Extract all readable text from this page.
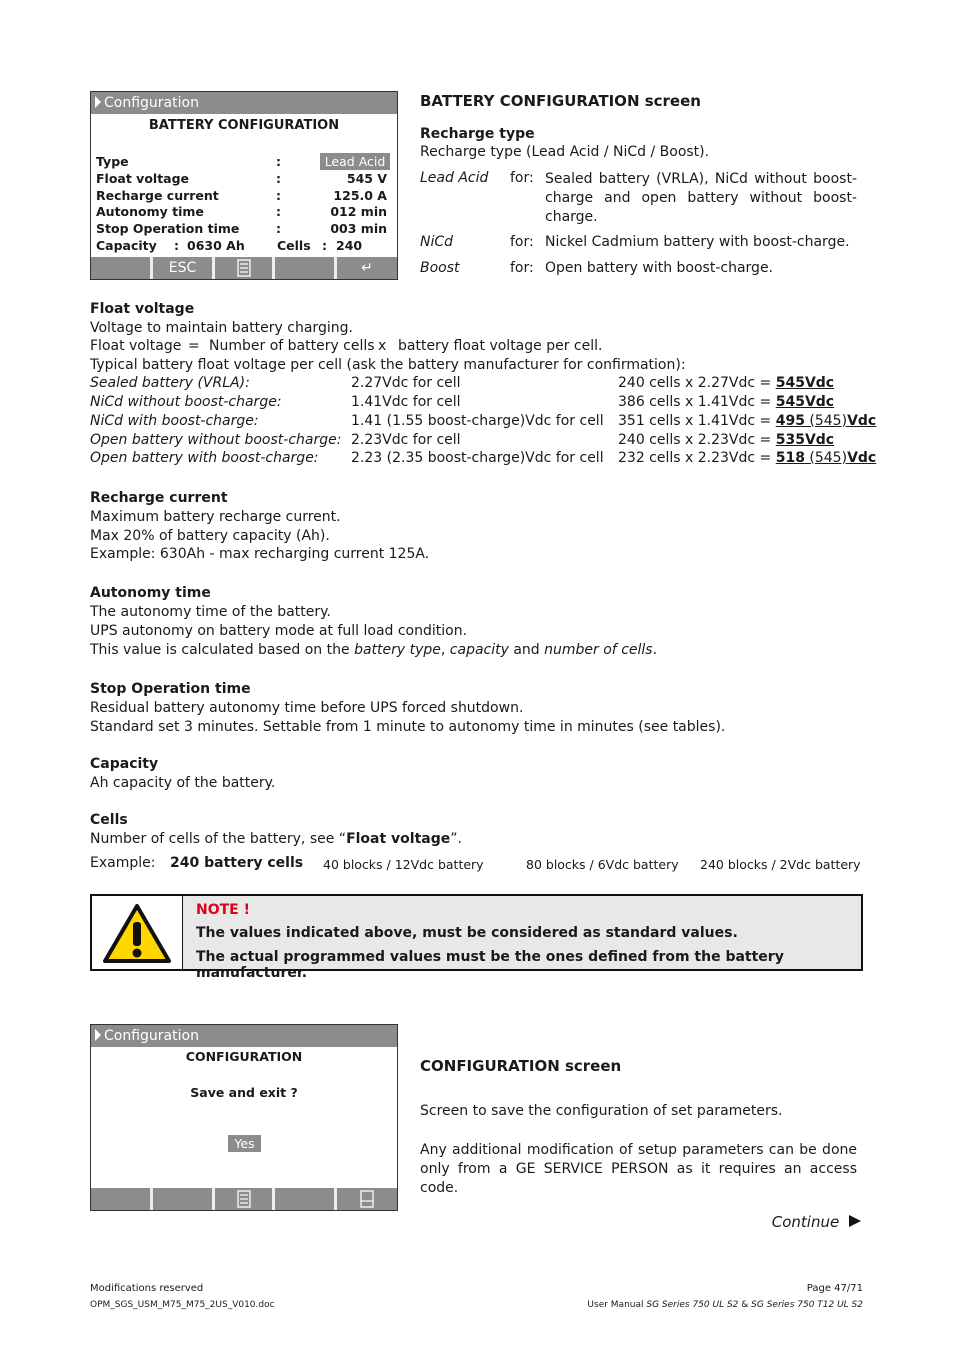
Configuration
BATTERY CONFIGURATION
Type	:	Lead Acid
Float voltage	:	545 V
Recharge current	:	125.0 A
Autonomy time	:	012 min
Stop Operation time	:	003 min
Capacity : 0630 Ah	Cells : 240
ESC	↵
BATTERY CONFIGURATION screen
Recharge type
Recharge type (Lead Acid / NiCd / Boost).
Lead Acid for: Sealed battery (VRLA), NiCd without boost-charge and open battery without boost-charge.
NiCd	for: Nickel Cadmium battery with boost-charge.
Boost	for: Open battery with boost-charge.
Float voltage
Voltage to maintain battery charging.
Float voltage = Number of battery cells x battery float voltage per cell.
Typical battery float voltage per cell (ask the battery manufacturer for confirmation):
Sealed battery (VRLA):	2.27Vdc for cell	240 cells x 2.27Vdc = 545Vdc
NiCd without boost-charge:	1.41Vdc for cell	386 cells x 1.41Vdc = 545Vdc
NiCd with boost-charge:	1.41 (1.55 boost-charge)Vdc for cell 351 cells x 1.41Vdc = 495 (545)Vdc
Open battery without boost-charge: 2.23Vdc for cell	240 cells x 2.23Vdc = 535Vdc
Open battery with boost-charge: 2.23 (2.35 boost-charge)Vdc for cell 232 cells x 2.23Vdc = 518 (545)Vdc
Recharge current
Maximum battery recharge current.
Max 20% of battery capacity (Ah).
Example: 630Ah - max recharging current 125A.
Autonomy time
The autonomy time of the battery.
UPS autonomy on battery mode at full load condition.
This value is calculated based on the battery type, capacity and number of cells.
Stop Operation time
Residual battery autonomy time before UPS forced shutdown.
Standard set 3 minutes. Settable from 1 minute to autonomy time in minutes (see tables).
Capacity
Ah capacity of the battery.
Cells
Number of cells of the battery, see “Float voltage”.
Example: 240 battery cells 40 blocks / 12Vdc battery	80 blocks / 6Vdc battery 240 blocks / 2Vdc battery
NOTE !
The values indicated above, must be considered as standard values.
The actual programmed values must be the ones defined from the battery manufacturer.
Configuration
CONFIGURATION
Save and exit ?
Yes
CONFIGURATION screen
Screen to save the configuration of set parameters.
Any additional modification of setup parameters can be done only from a GE SERVICE PERSON as it requires an access code.
Continue
Modifications reserved
OPM_SGS_USM_M75_M75_2US_V010.doc
Page 47/71
User Manual SG Series 750 UL S2 & SG Series 750 T12 UL S2
